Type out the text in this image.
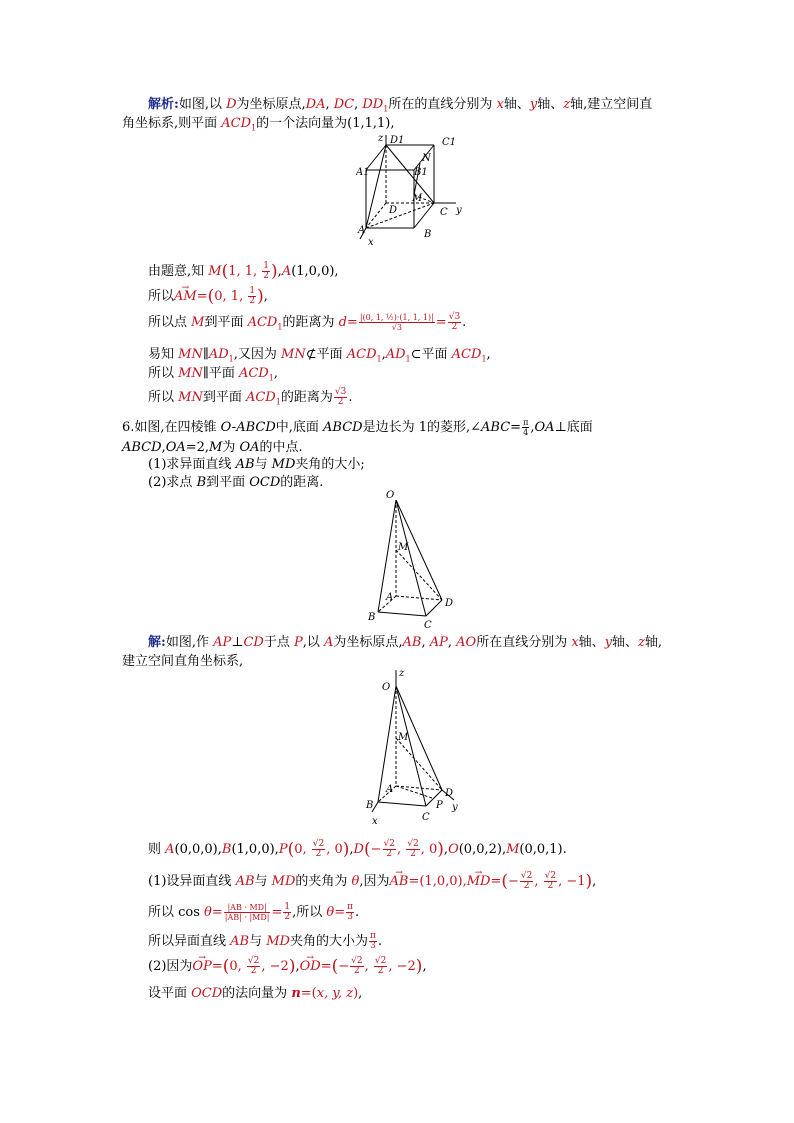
解析:如图,以 D为坐标原点,DA, DC, $DD_1$所在的直线分别为 x轴、y轴、z轴,建立空间直
角坐标系,则平面 $ACD_1$的一个法向量为(1,1,1),
z D1	C1
N
A1	B1
M
D	C y
A	B
x
由题意,知 M(1, 1, $\frac{1}{2} ),A(1,0,0)$,
所以→ AM=(0, 1, $\frac{1}{2}$ ),
所以点 M到平面 $ACD_1$的距离为 $d= \frac{\text{|(0, 1, ½)·(1, 1, 1)|}}{√3} = \frac{√3}{2}$ .
易知 $MN\parallel AD_1$,又因为 MN⊄平面 $ACD_1,AD_1\subset$平面 $ACD_1$,
所以 MN∥平面 $ACD_1$,
所以 MN到平面 $ACD_1$的距离为 $\frac{√3}{2}$ .
6.如图,在四棱锥 O-ABCD中,底面 ABCD是边长为 1的菱形,∠ABC= $\frac{\pi}{4}$ ,OA⊥底面
ABCD,OA=2,M为 OA的中点.
(1)求异面直线 AB与 MD夹角的大小;
(2)求点 B到平面 OCD的距离.
O
M
A
B
C
D
解:如图,作 AP⊥CD于点 P,以 A为坐标原点,AB, AP, AO所在直线分别为 x轴、y轴、z轴,
建立空间直角坐标系,
z
O
M
A
B
x	C
P y
D
则 A(0,0,0),B(1,0,0),P(0, $\frac{√2}{2}$ , $0),D(- \frac{√2}{2}$ , $\frac{√2}{2}$ , 0),O(0,0,2),M(0,0,1).
(1)设异面直线 AB与 MD的夹角为 θ,因为→ $AB=(1,0,0),\to MD=(- \frac{√2}{2}$ , $\frac{√2}{2}$ , −1),
所以 $\cos \theta= \frac{|AB \cdot MD|}{|AB| \cdot |MD|} = \frac{1}{2}$ ,所以 $\theta= \frac{\pi}{3}$ .
所以异面直线 AB与 MD夹角的大小为 $\frac{\pi}{3}$ .
(2)因为→ OP=(0, $\frac{√2}{2}$ , $-2),\to OD=(- \frac{√2}{2}$ , $\frac{√2}{2}$ , −2),
设平面 OCD的法向量为 n=(x, y, z),
